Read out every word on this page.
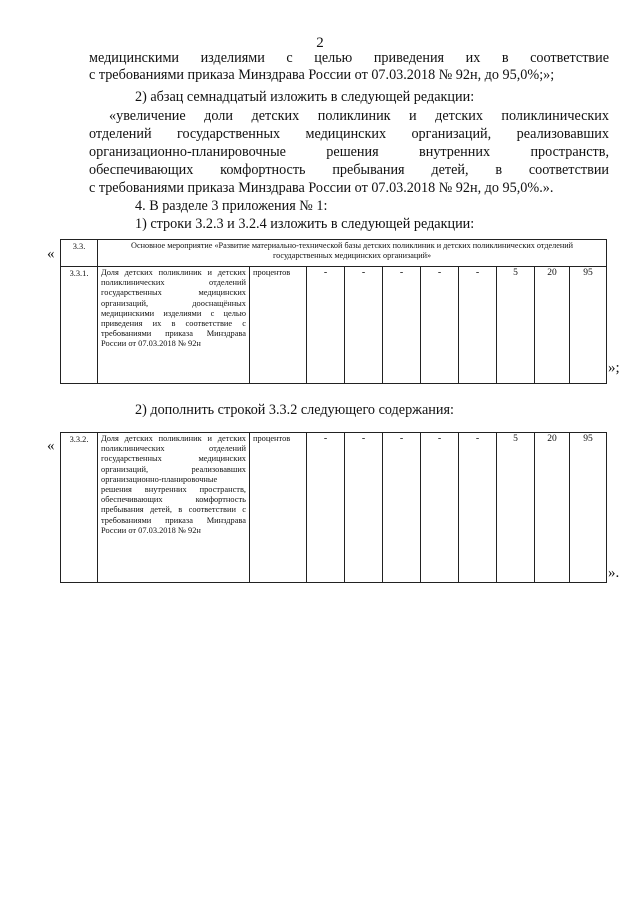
2
медицинскими изделиями с целью приведения их в соответствие
с требованиями приказа Минздрава России от 07.03.2018 № 92н, до 95,0%;»;
2) абзац семнадцатый изложить в следующей редакции:
«увеличение доли детских поликлиник и детских поликлинических
отделений государственных медицинских организаций, реализовавших
организационно-планировочные решения внутренних пространств,
обеспечивающих комфортность пребывания детей, в соответствии
с требованиями приказа Минздрава России от 07.03.2018 № 92н, до 95,0%.».
4. В разделе 3 приложения № 1:
1) строки 3.2.3 и 3.2.4 изложить в следующей редакции:
« 3.3.	Основное мероприятие «Развитие материально-технической базы детских поликлиник и детских поликлинических отделений государственных медицинских организаций»									
3.3.1.	Доля детских поликлиник и детских поликлинических отделений государственных медицинских организаций, дооснащённых медицинскими изделиями с целью приведения их в соответствие с требованиями приказа Минздрава России от 07.03.2018 № 92н	процентов	-	-	-	-	-	5	20	95
»;
2) дополнить строкой 3.3.2 следующего содержания:
« 3.3.2.	Доля детских поликлиник и детских поликлинических отделений государственных медицинских организаций, реализовавших организационно-планировочные решения внутренних пространств, обеспечивающих комфортность пребывания детей, в соответствии с требованиями приказа Минздрава России от 07.03.2018 № 92н	процентов	-	-	-	-	-	5	20	95
».
